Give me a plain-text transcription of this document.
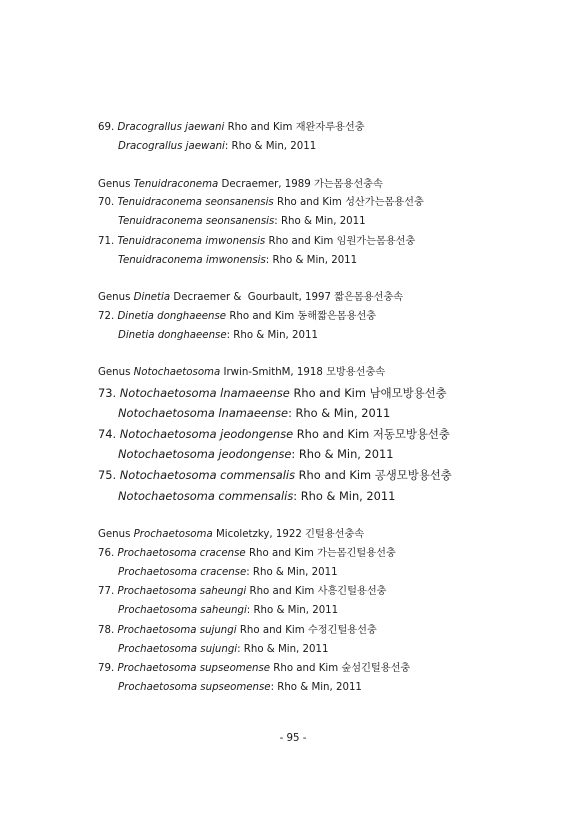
69. Dracograllus jaewani Rho and Kim 재완자루용선충
Dracograllus jaewani: Rho & Min, 2011
Genus Tenuidraconema Decraemer, 1989 가는몸용선충속
70. Tenuidraconema seonsanensis Rho and Kim 성산가는몸용선충
Tenuidraconema seonsanensis: Rho & Min, 2011
71. Tenuidraconema imwonensis Rho and Kim 임원가는몸용선충
Tenuidraconema imwonensis: Rho & Min, 2011
Genus Dinetia Decraemer &  Gourbault, 1997 짧은몸용선충속
72. Dinetia donghaeense Rho and Kim 동해짧은몸용선충
Dinetia donghaeense: Rho & Min, 2011
Genus Notochaetosoma Irwin-SmithM, 1918 모방용선충속
73. Notochaetosoma lnamaeense Rho and Kim 남애모방용선충
Notochaetosoma lnamaeense: Rho & Min, 2011
74. Notochaetosoma jeodongense Rho and Kim 저동모방용선충
Notochaetosoma jeodongense: Rho & Min, 2011
75. Notochaetosoma commensalis Rho and Kim 공생모방용선충
Notochaetosoma commensalis: Rho & Min, 2011
Genus Prochaetosoma Micoletzky, 1922 긴털용선충속
76. Prochaetosoma cracense Rho and Kim 가는몸긴털용선충
Prochaetosoma cracense: Rho & Min, 2011
77. Prochaetosoma saheungi Rho and Kim 사흥긴털용선충
Prochaetosoma saheungi: Rho & Min, 2011
78. Prochaetosoma sujungi Rho and Kim 수정긴털용선충
Prochaetosoma sujungi: Rho & Min, 2011
79. Prochaetosoma supseomense Rho and Kim 숲섬긴털용선충
Prochaetosoma supseomense: Rho & Min, 2011
- 95 -
